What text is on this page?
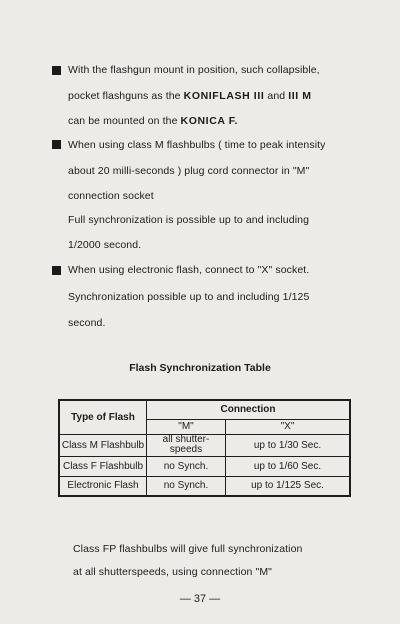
With the flashgun mount in position, such collapsible,
pocket flashguns as the KONIFLASH III and III M
can be mounted on the KONICA F.
When using class M flashbulbs ( time to peak intensity
about 20 milli-seconds ) plug cord connector in "M"
connection socket
Full synchronization is possible up to and including
1/2000 second.
When using electronic flash, connect to "X" socket.
Synchronization possible up to and including 1/125
second.
Flash Synchronization Table
Type of Flash	Connection	
	"M"	"X"
Class M Flashbulb	all shutter-speeds	up to 1/30 Sec.
Class F Flashbulb	no Synch.	up to 1/60 Sec.
Electronic Flash	no Synch.	up to 1/125 Sec.
Class FP flashbulbs will give full synchronization
at all shutterspeeds, using connection "M"
— 37 —
